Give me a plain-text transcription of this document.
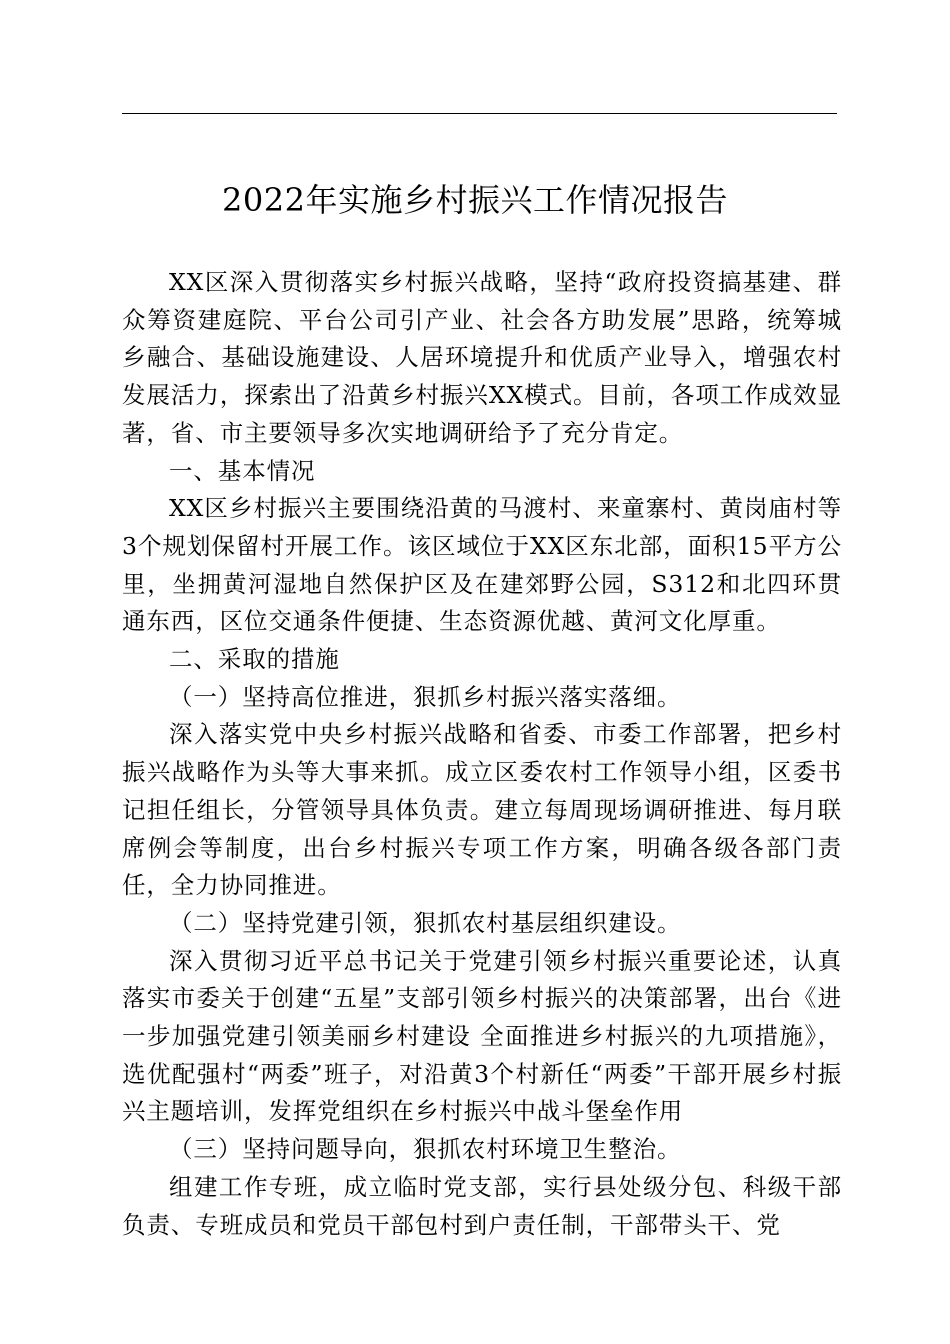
2022年实施乡村振兴工作情况报告

XX区深入贯彻落实乡村振兴战略，坚持“政府投资搞基建、群众筹资建庭院、平台公司引产业、社会各方助发展”思路，统筹城乡融合、基础设施建设、人居环境提升和优质产业导入，增强农村发展活力，探索出了沿黄乡村振兴XX模式。目前，各项工作成效显著，省、市主要领导多次实地调研给予了充分肯定。

一、基本情况

XX区乡村振兴主要围绕沿黄的马渡村、来童寨村、黄岗庙村等3个规划保留村开展工作。该区域位于XX区东北部，面积15平方公里，坐拥黄河湿地自然保护区及在建郊野公园，S312和北四环贯通东西，区位交通条件便捷、生态资源优越、黄河文化厚重。

二、采取的措施

（一）坚持高位推进，狠抓乡村振兴落实落细。

深入落实党中央乡村振兴战略和省委、市委工作部署，把乡村振兴战略作为头等大事来抓。成立区委农村工作领导小组，区委书记担任组长，分管领导具体负责。建立每周现场调研推进、每月联席例会等制度，出台乡村振兴专项工作方案，明确各级各部门责任，全力协同推进。

（二）坚持党建引领，狠抓农村基层组织建设。

深入贯彻习近平总书记关于党建引领乡村振兴重要论述，认真落实市委关于创建“五星”支部引领乡村振兴的决策部署，出台《进一步加强党建引领美丽乡村建设 全面推进乡村振兴的九项措施》，选优配强村“两委”班子，对沿黄3个村新任“两委”干部开展乡村振兴主题培训，发挥党组织在乡村振兴中战斗堡垒作用

（三）坚持问题导向，狠抓农村环境卫生整治。

组建工作专班，成立临时党支部，实行县处级分包、科级干部负责、专班成员和党员干部包村到户责任制，干部带头干、党
